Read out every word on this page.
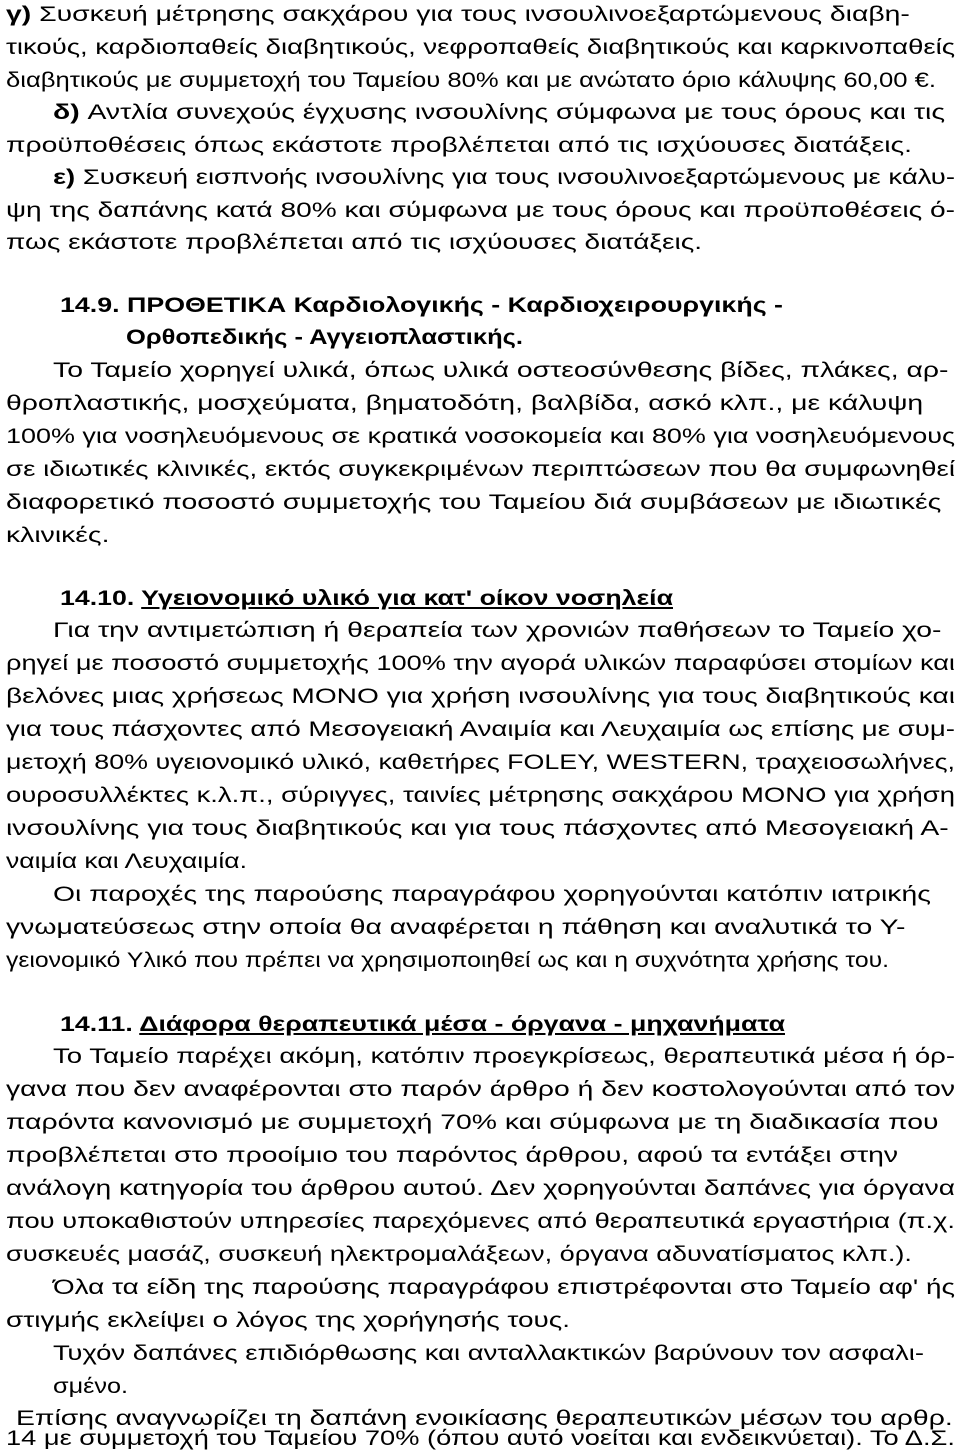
γ) Συσκευή μέτρησης σακχάρου για τους ινσουλινοεξαρτώμενους διαβη-
τικούς, καρδιοπαθείς διαβητικούς, νεφροπαθείς διαβητικούς και καρκινοπαθείς
διαβητικούς με συμμετοχή του Ταμείου 80% και με ανώτατο όριο κάλυψης 60,00 €.
δ) Αντλία συνεχούς έγχυσης ινσουλίνης σύμφωνα με τους όρους και τις
προϋποθέσεις όπως εκάστοτε προβλέπεται από τις ισχύουσες διατάξεις.
ε) Συσκευή εισπνοής ινσουλίνης για τους ινσουλινοεξαρτώμενους με κάλυ-
ψη της δαπάνης κατά 80% και σύμφωνα με τους όρους και προϋποθέσεις ό-
πως εκάστοτε προβλέπεται από τις ισχύουσες διατάξεις.
14.9. ΠΡΟΘΕΤΙΚΑ Καρδιολογικής - Καρδιοχειρουργικής -
Ορθοπεδικής - Αγγειοπλαστικής.
Το Ταμείο χορηγεί υλικά, όπως υλικά οστεοσύνθεσης βίδες, πλάκες, αρ-
θροπλαστικής, μοσχεύματα, βηματοδότη, βαλβίδα, ασκό κλπ., με κάλυψη
100% για νοσηλευόμενους σε κρατικά νοσοκομεία και 80% για νοσηλευόμενους
σε ιδιωτικές κλινικές, εκτός συγκεκριμένων περιπτώσεων που θα συμφωνηθεί
διαφορετικό ποσοστό συμμετοχής του Ταμείου διά συμβάσεων με ιδιωτικές
κλινικές.
14.10. Υγειονομικό υλικό για κατ' οίκον νοσηλεία
Για την αντιμετώπιση ή θεραπεία των χρονιών παθήσεων το Ταμείο χο-
ρηγεί με ποσοστό συμμετοχής 100% την αγορά υλικών παραφύσει στομίων και
βελόνες μιας χρήσεως ΜΟΝΟ για χρήση ινσουλίνης για τους διαβητικούς και
για τους πάσχοντες από Μεσογειακή Αναιμία και Λευχαιμία ως επίσης με συμ-
μετοχή 80% υγειονομικό υλικό, καθετήρες FOLEY, WESTERN, τραχειοσωλήνες,
ουροσυλλέκτες κ.λ.π., σύριγγες, ταινίες μέτρησης σακχάρου ΜΟΝΟ για χρήση
ινσουλίνης για τους διαβητικούς και για τους πάσχοντες από Μεσογειακή Α-
ναιμία και Λευχαιμία.
Οι παροχές της παρούσης παραγράφου χορηγούνται κατόπιν ιατρικής
γνωματεύσεως στην οποία θα αναφέρεται η πάθηση και αναλυτικά το Υ-
γειονομικό Υλικό που πρέπει να χρησιμοποιηθεί ως και η συχνότητα χρήσης του.
14.11. Διάφορα θεραπευτικά μέσα - όργανα - μηχανήματα
Το Ταμείο παρέχει ακόμη, κατόπιν προεγκρίσεως, θεραπευτικά μέσα ή όρ-
γανα που δεν αναφέρονται στο παρόν άρθρο ή δεν κοστολογούνται από τον
παρόντα κανονισμό με συμμετοχή 70% και σύμφωνα με τη διαδικασία που
προβλέπεται στο προοίμιο του παρόντος άρθρου, αφού τα εντάξει στην
ανάλογη κατηγορία του άρθρου αυτού. Δεν χορηγούνται δαπάνες για όργανα
που υποκαθιστούν υπηρεσίες παρεχόμενες από θεραπευτικά εργαστήρια (π.χ.
συσκευές μασάζ, συσκευή ηλεκτρομαλάξεων, όργανα αδυνατίσματος κλπ.).
Όλα τα είδη της παρούσης παραγράφου επιστρέφονται στο Ταμείο αφ' ής
στιγμής εκλείψει ο λόγος της χορήγησής τους.
Τυχόν δαπάνες επιδιόρθωσης και ανταλλακτικών βαρύνουν τον ασφαλι-
σμένο.
Επίσης αναγνωρίζει τη δαπάνη ενοικίασης θεραπευτικών μέσων του αρθρ.
14 με συμμετοχή του Ταμείου 70% (όπου αυτό νοείται και ενδεικνύεται). Το Δ.Σ.
